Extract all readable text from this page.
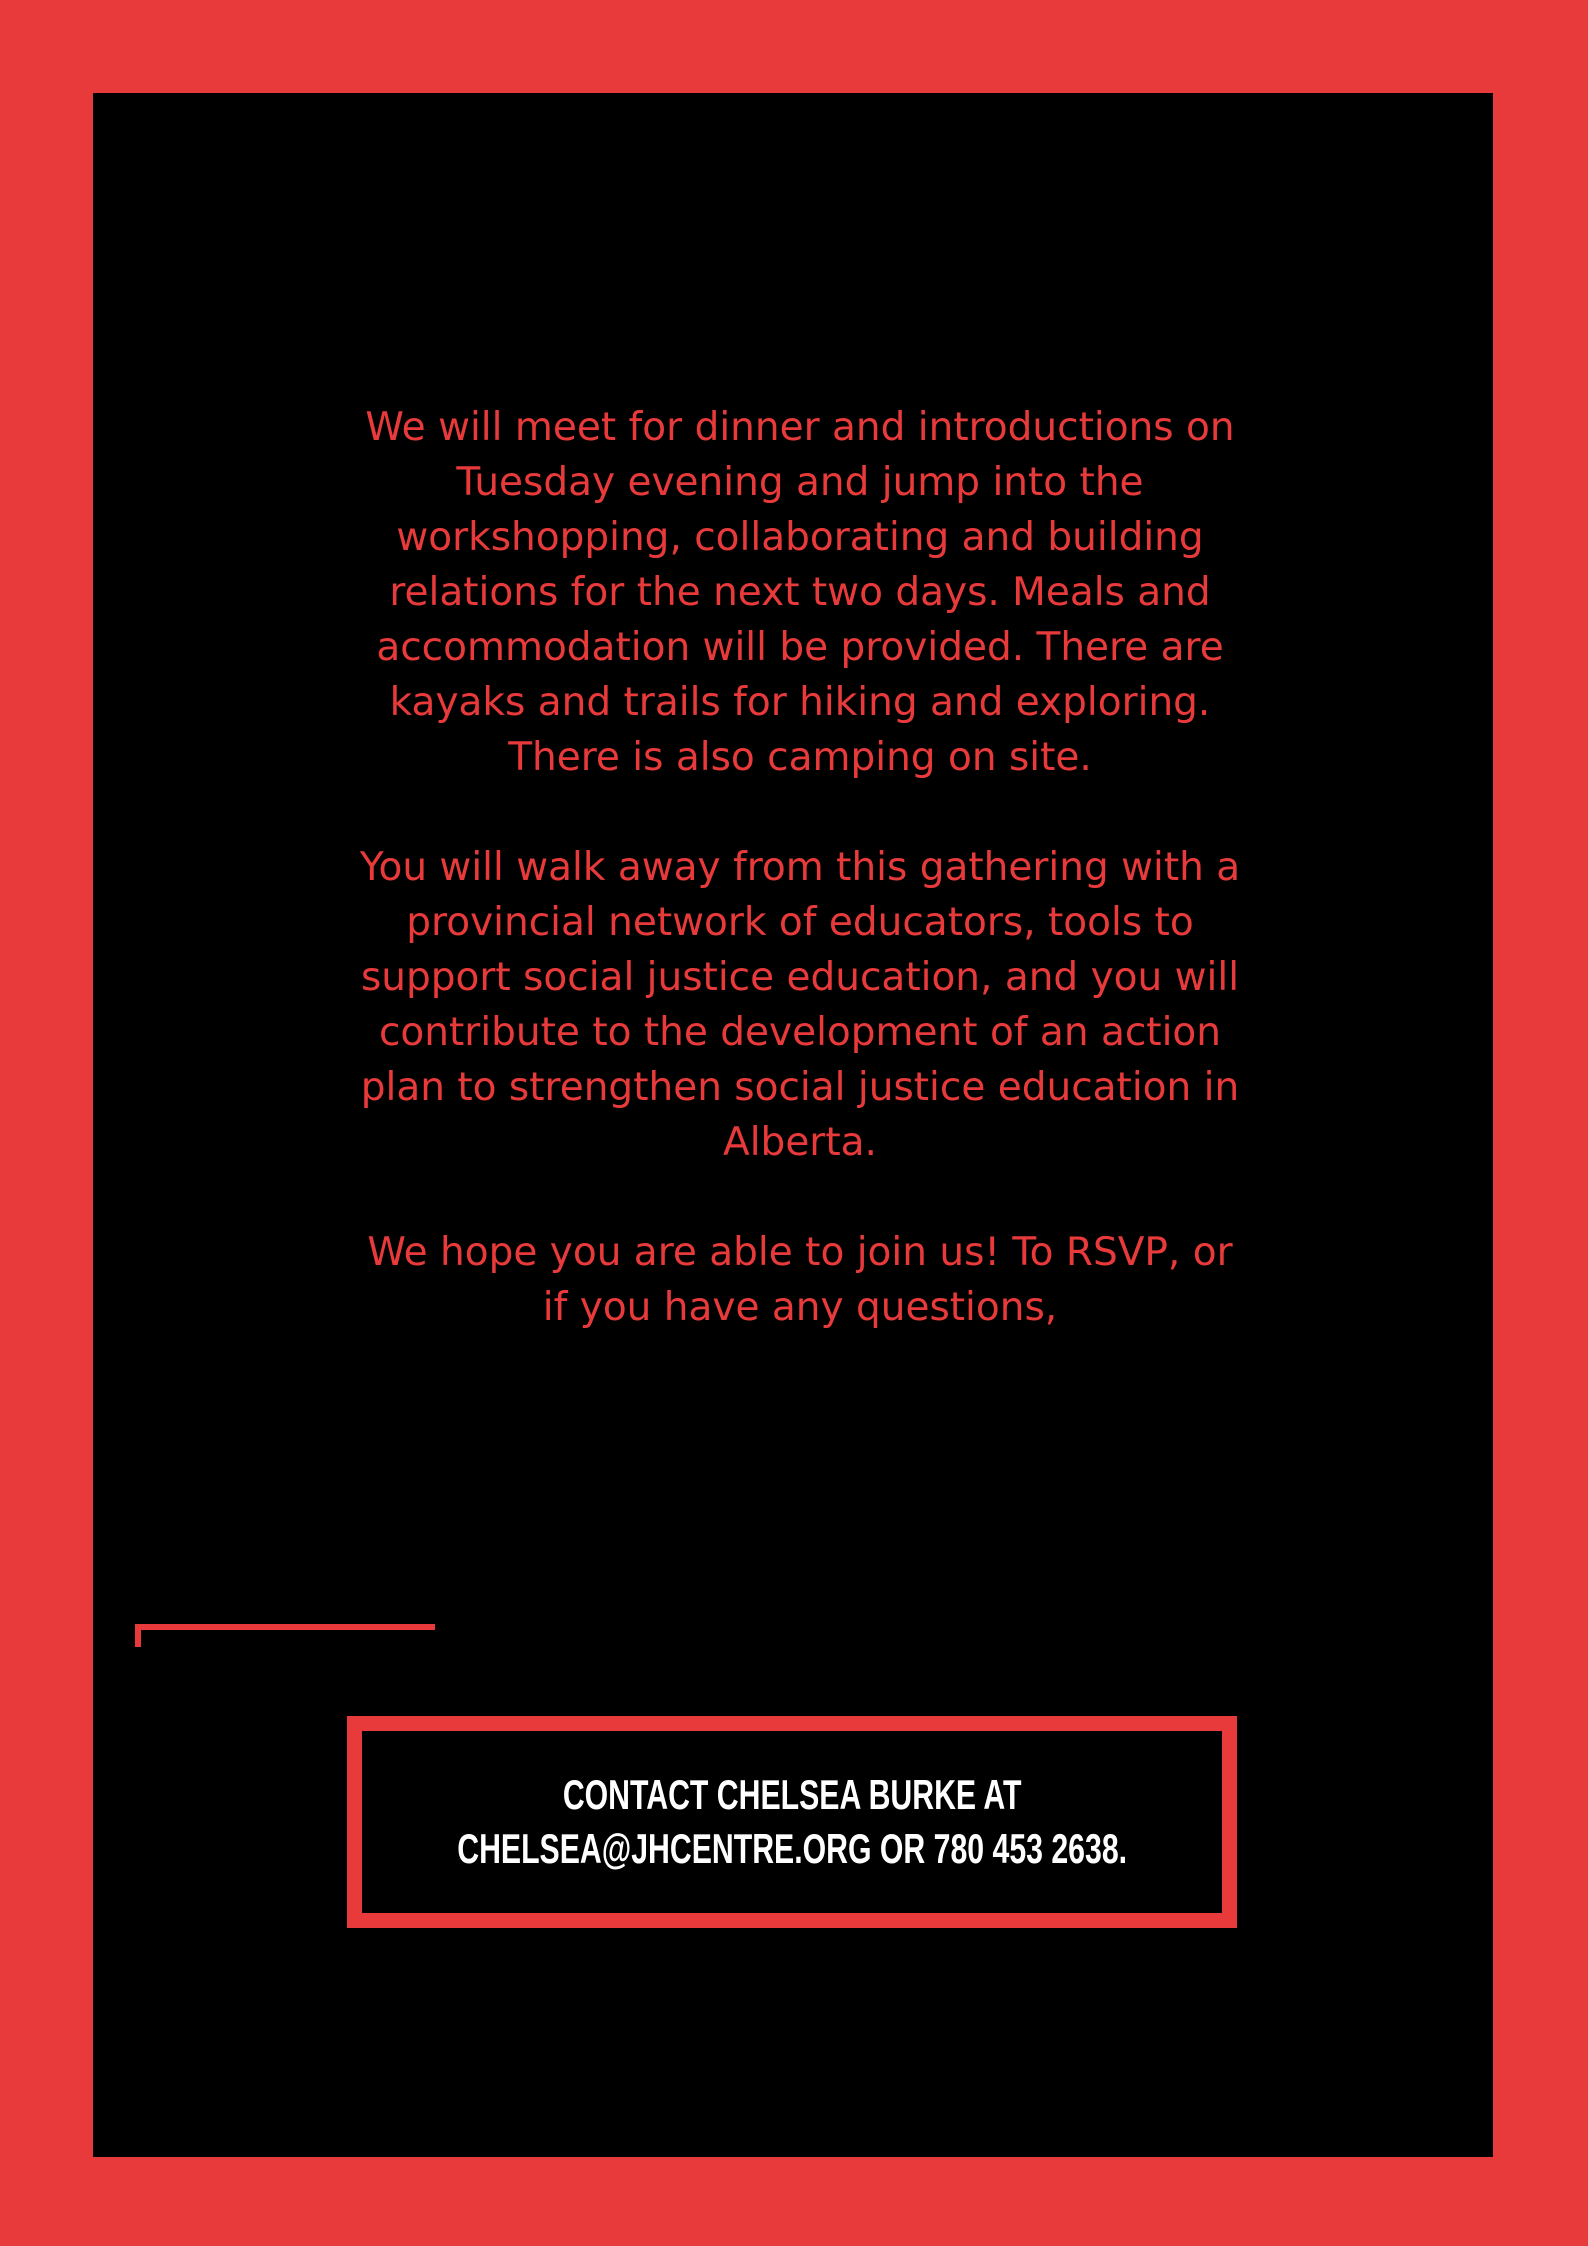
We will meet for dinner and introductions on
Tuesday evening and jump into the
workshopping, collaborating and building
relations for the next two days. Meals and
accommodation will be provided. There are
kayaks and trails for hiking and exploring.
There is also camping on site.

You will walk away from this gathering with a
provincial network of educators, tools to
support social justice education, and you will
contribute to the development of an action
plan to strengthen social justice education in
Alberta.

We hope you are able to join us! To RSVP, or
if you have any questions,

CONTACT CHELSEA BURKE AT
CHELSEA@JHCENTRE.ORG OR 780 453 2638.
